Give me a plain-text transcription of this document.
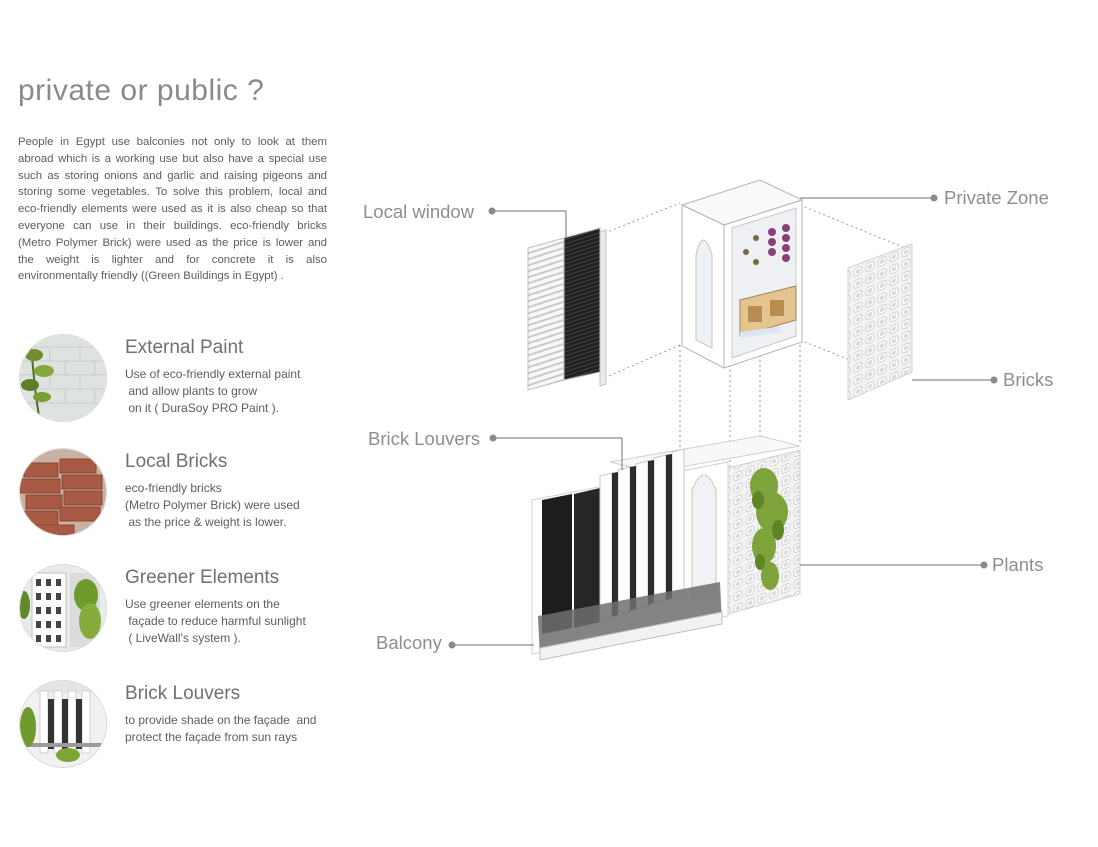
private or public ?
People in Egypt use balconies not only to look at them abroad which is a working use but also have a special use such as storing onions and garlic and raising pigeons and storing some vegetables. To solve this problem, local and eco-friendly elements were used as it is also cheap so that everyone can use in their buildings. eco-friendly bricks (Metro Polymer Brick) were used as the price is lower and the weight is lighter and for concrete it is also environmentally friendly ((Green Buildings in Egypt) .
External Paint
Use of eco-friendly external paint
and allow plants to grow
on it ( DuraSoy PRO Paint ).
Local Bricks
eco-friendly bricks
(Metro Polymer Brick) were used
as the price & weight is lower.
Greener Elements
Use greener elements on the
façade to reduce harmful sunlight
( LiveWall's system ).
Brick Louvers
to provide shade on the façade  and
protect the façade from sun rays
Local window
Private Zone
Bricks
Brick Louvers
Plants
Balcony
